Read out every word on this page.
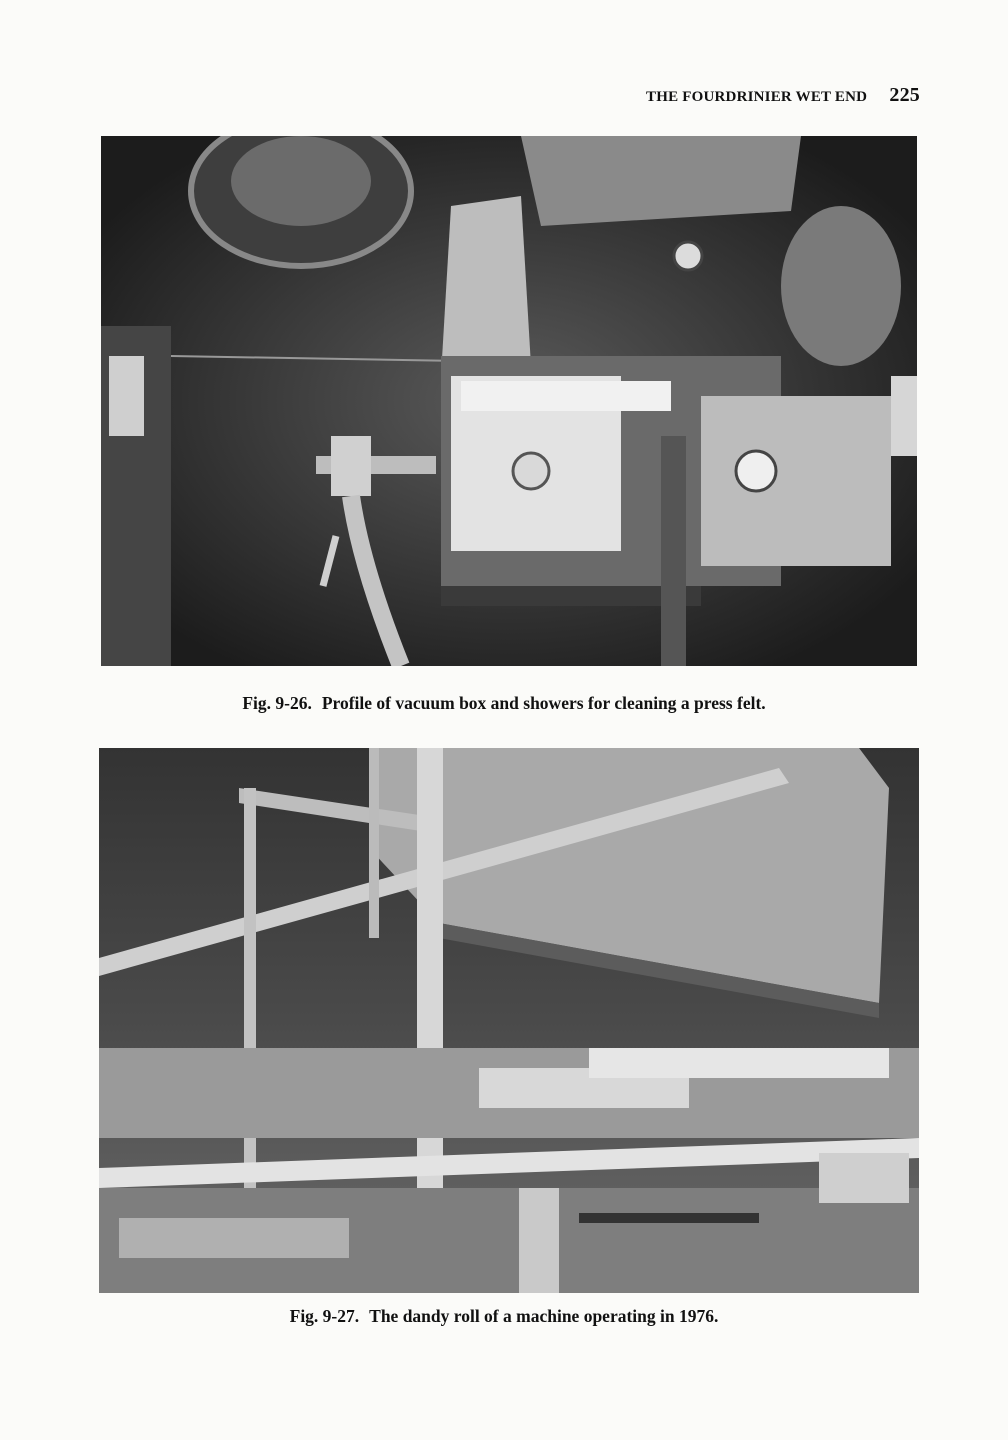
THE FOURDRINIER WET END 225
Fig. 9-26. Profile of vacuum box and showers for cleaning a press felt.
Fig. 9-27. The dandy roll of a machine operating in 1976.
